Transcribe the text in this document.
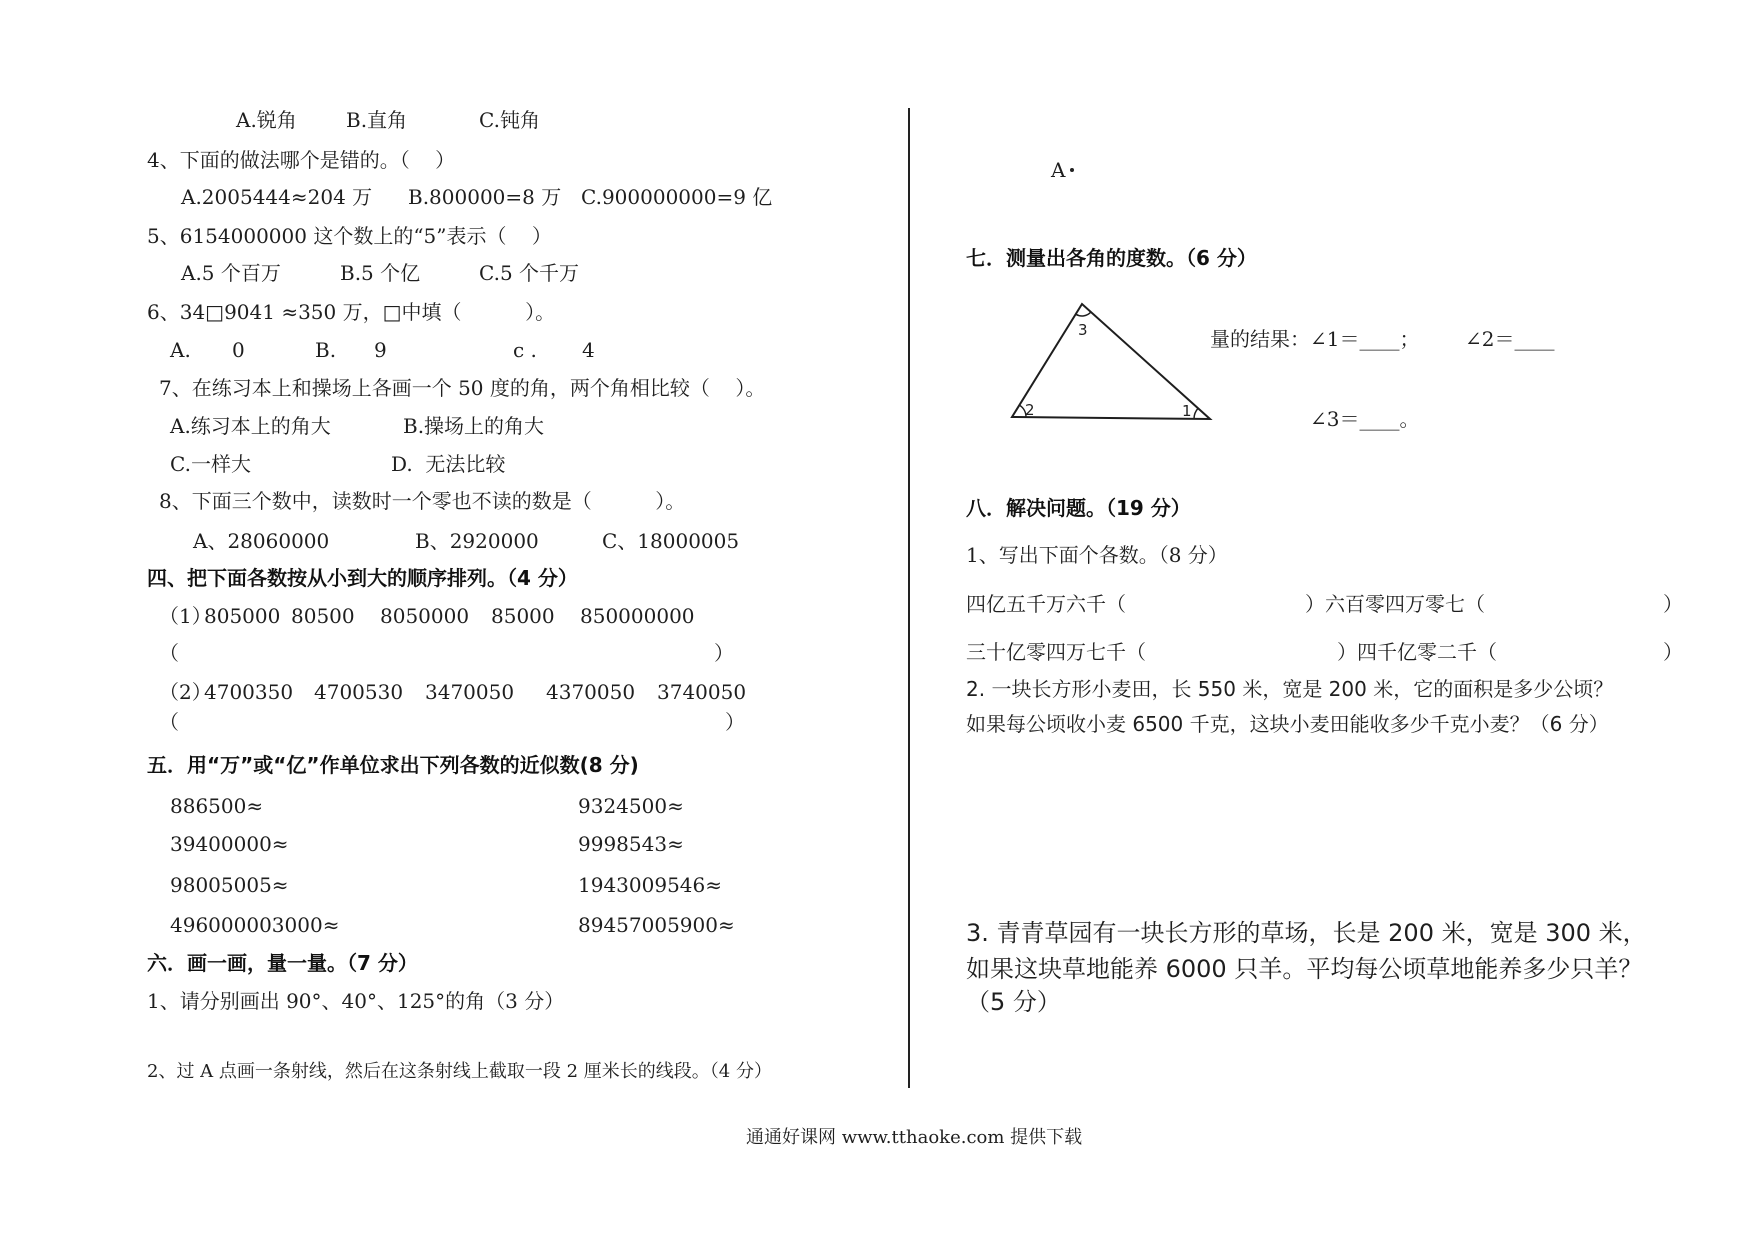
A.锐角 B.直角	C.钝角
4、下面的做法哪个是错的。（    ）
A.2005444≈204 万 B.800000=8 万 C.900000000=9 亿
5、6154000000 这个数上的“5”表示（    ）
A.5 个百万	B.5 个亿	C.5 个千万
6、34□9041 ≈350 万，□中填（          ）。
A. 0	B. 9	c . 4
7、在练习本上和操场上各画一个 50 度的角，两个角相比较（    ）。
A.练习本上的角大	B.操场上的角大
C.一样大	D.  无法比较
8、下面三个数中，读数时一个零也不读的数是（          ）。
A、28060000	B、2920000	C、18000005
四、把下面各数按从小到大的顺序排列。（4 分）
（1）
805000 80500 8050000 85000 850000000
（	）
（2）
4700350 4700530 3470050 4370050 3740050
（	）
五．用“万”或“亿”作单位求出下列各数的近似数(8 分)
886500≈	9324500≈
39400000≈	9998543≈
98005005≈	1943009546≈
496000003000≈	89457005900≈
六．画一画，量一量。（7 分）
1、请分别画出 90°、40°、125°的角（3 分）
2、过 A 点画一条射线，然后在这条射线上截取一段 2 厘米长的线段。（4 分）
A
七．测量出各角的度数。（6 分）
3
2	1
量的结果：∠1＝____； ∠2＝____
∠3＝____。
八．解决问题。（19 分）
1、写出下面个各数。（8 分）
四亿五千万六千（	）六百零四万零七（	）
三十亿零四万七千（	）四千亿零二千（	）
2. 一块长方形小麦田，长 550 米，宽是 200 米，它的面积是多少公顷？
如果每公顷收小麦 6500 千克，这块小麦田能收多少千克小麦？（6 分）
3. 青青草园有一块长方形的草场，长是 200 米，宽是 300 米，
如果这块草地能养 6000 只羊。平均每公顷草地能养多少只羊？
（5 分）
通通好课网 www.tthaoke.com 提供下载
